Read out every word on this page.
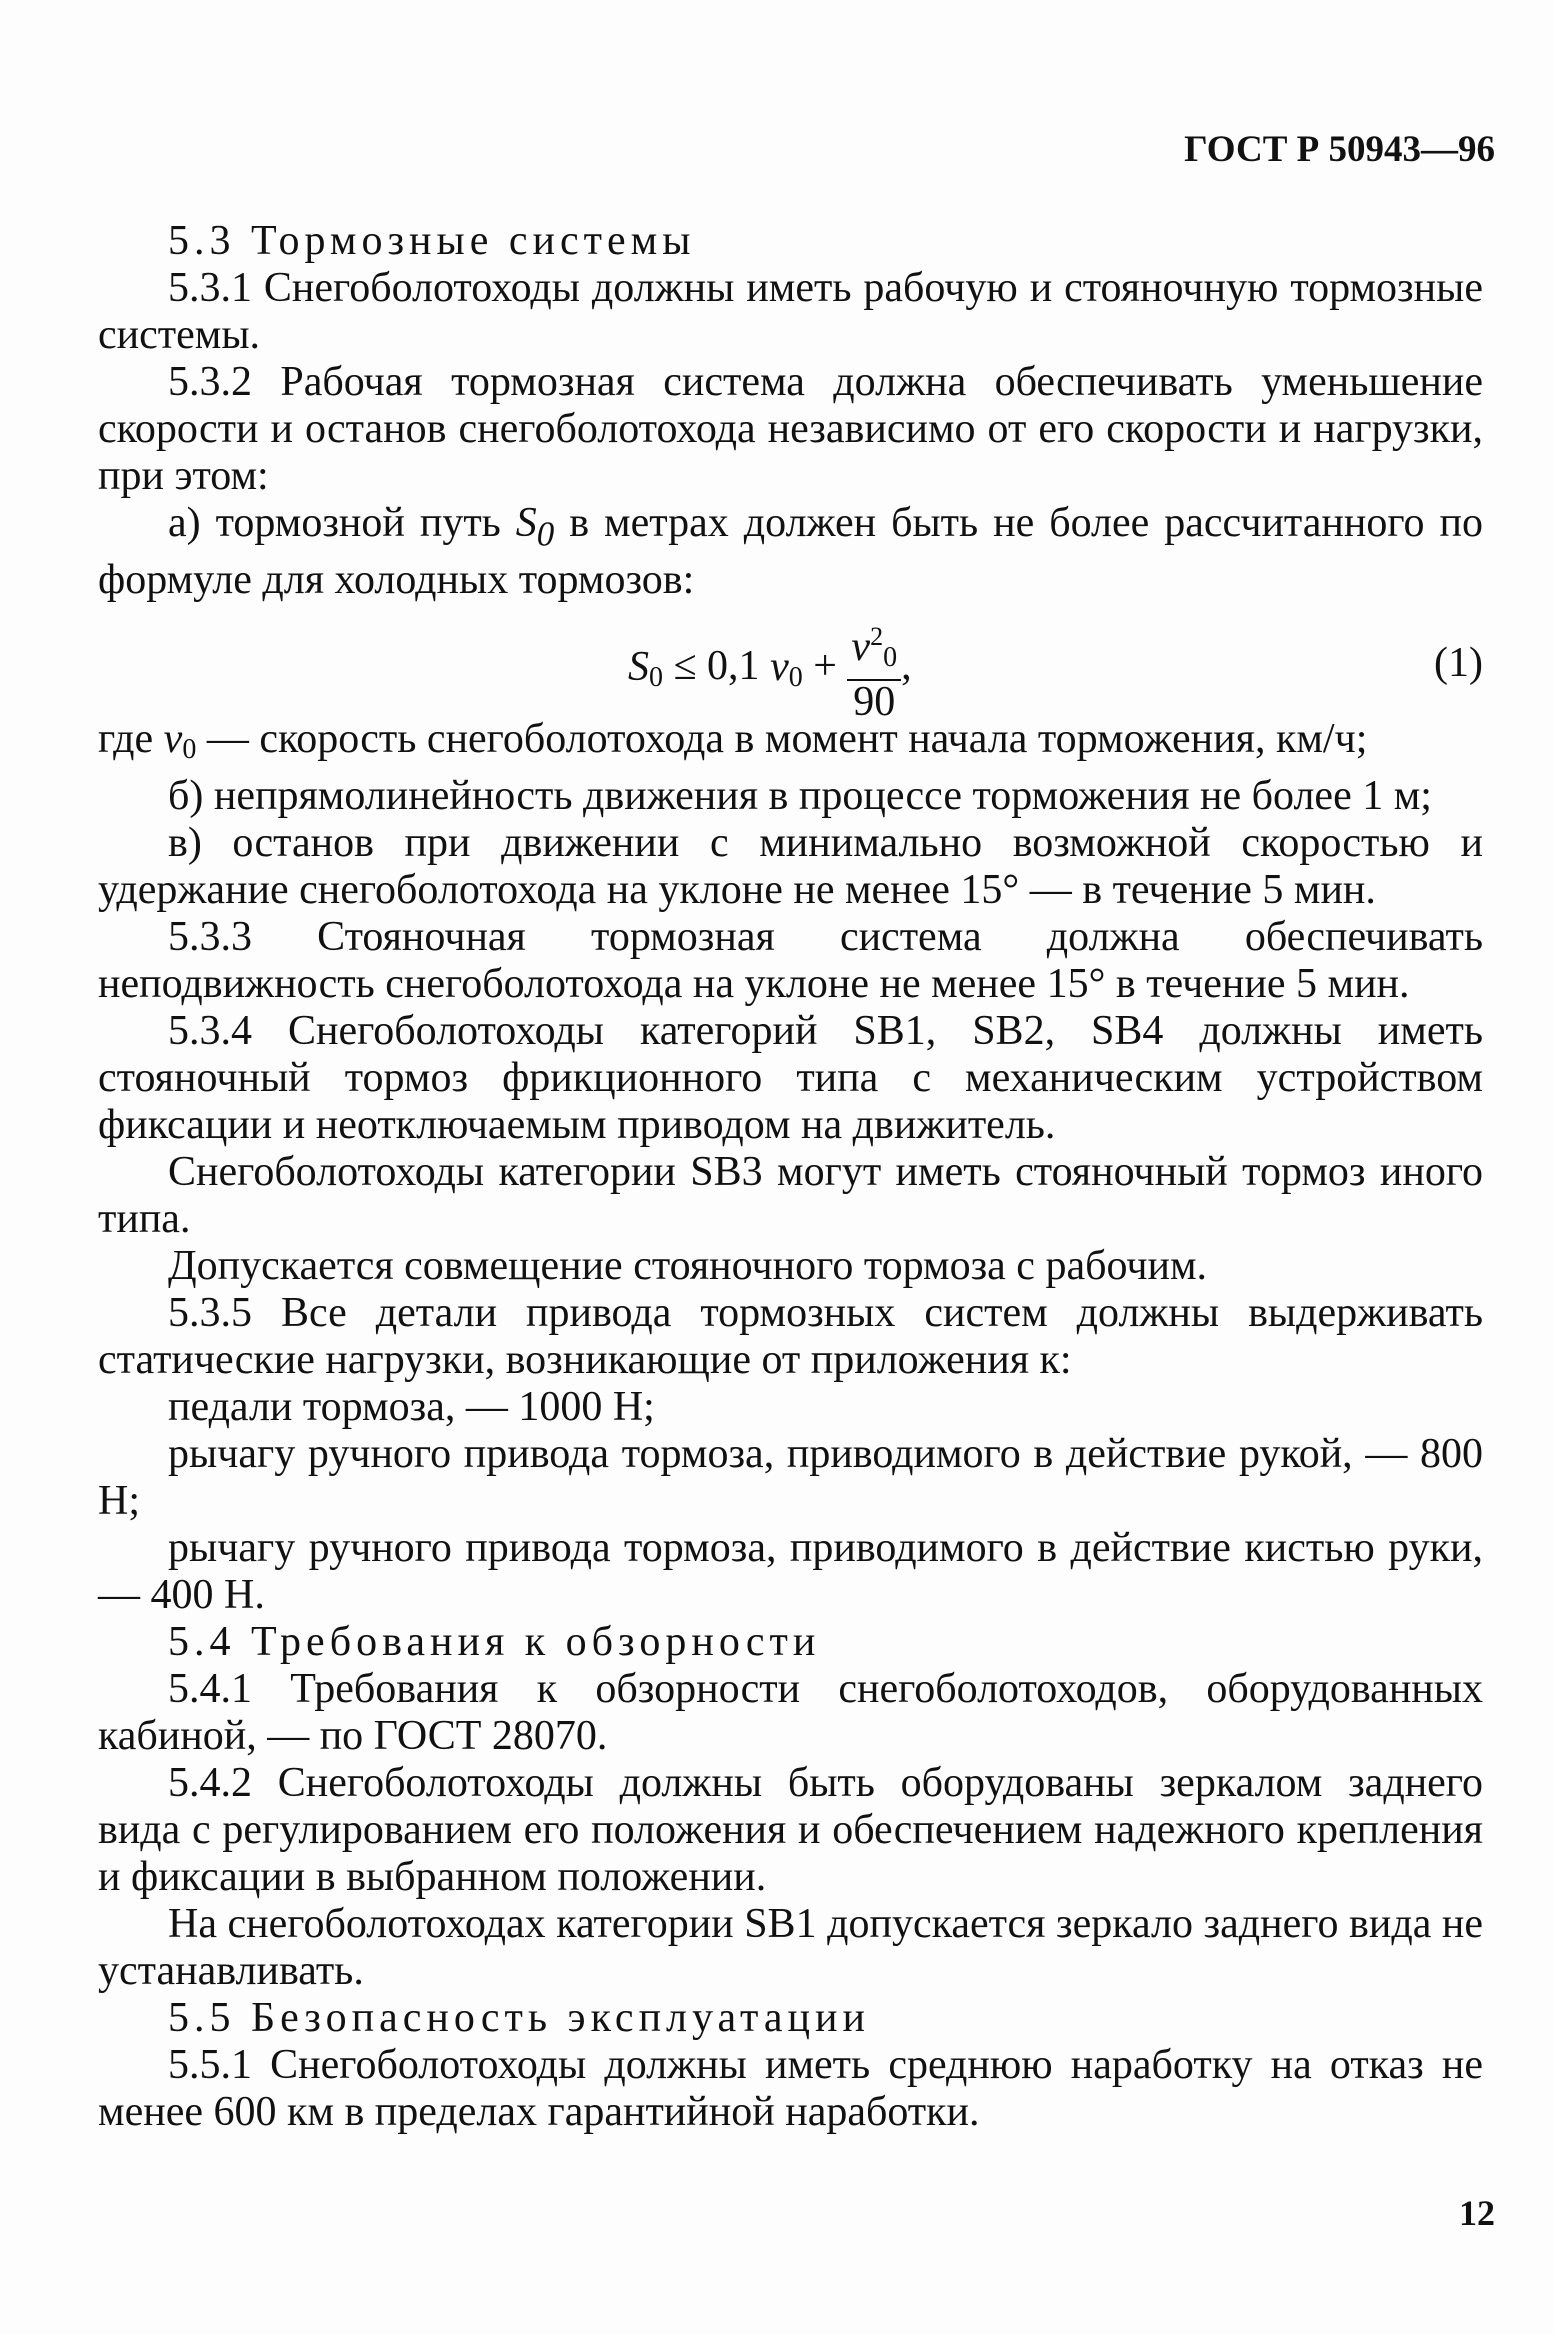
ГОСТ Р 50943—96

5.3 Тормозные системы

5.3.1 Снегоболотоходы должны иметь рабочую и стояночную тормозные системы.

5.3.2 Рабочая тормозная система должна обеспечивать уменьшение скорости и останов снегоболотохода независимо от его скорости и нагрузки, при этом:

а) тормозной путь $S_0$ в метрах должен быть не более рассчитанного по формуле для холодных тормозов:

$S_0 \le 0,1$ $v_0 + \frac{v^2_0}{90}$ ,	(1)

где $v_0$ — скорость снегоболотохода в момент начала торможения, км/ч;

б) непрямолинейность движения в процессе торможения не более 1 м;

в) останов при движении с минимально возможной скоростью и удержание снегоболотохода на уклоне не менее 15° — в течение 5 мин.

5.3.3 Стояночная тормозная система должна обеспечивать неподвижность снегоболотохода на уклоне не менее 15° в течение 5 мин.

5.3.4 Снегоболотоходы категорий SB1, SB2, SB4 должны иметь стояночный тормоз фрикционного типа с механическим устройством фиксации и неотключаемым приводом на движитель.

Снегоболотоходы категории SB3 могут иметь стояночный тормоз иного типа.

Допускается совмещение стояночного тормоза с рабочим.

5.3.5 Все детали привода тормозных систем должны выдерживать статические нагрузки, возникающие от приложения к:

педали тормоза, — 1000 Н;

рычагу ручного привода тормоза, приводимого в действие рукой, — 800 Н;

рычагу ручного привода тормоза, приводимого в действие кистью руки, — 400 Н.

5.4 Требования к обзорности

5.4.1 Требования к обзорности снегоболотоходов, оборудованных кабиной, — по ГОСТ 28070.

5.4.2 Снегоболотоходы должны быть оборудованы зеркалом заднего вида с регулированием его положения и обеспечением надежного крепления и фиксации в выбранном положении.

На снегоболотоходах категории SB1 допускается зеркало заднего вида не устанавливать.

5.5 Безопасность эксплуатации

5.5.1 Снегоболотоходы должны иметь среднюю наработку на отказ не менее 600 км в пределах гарантийной наработки.

12
